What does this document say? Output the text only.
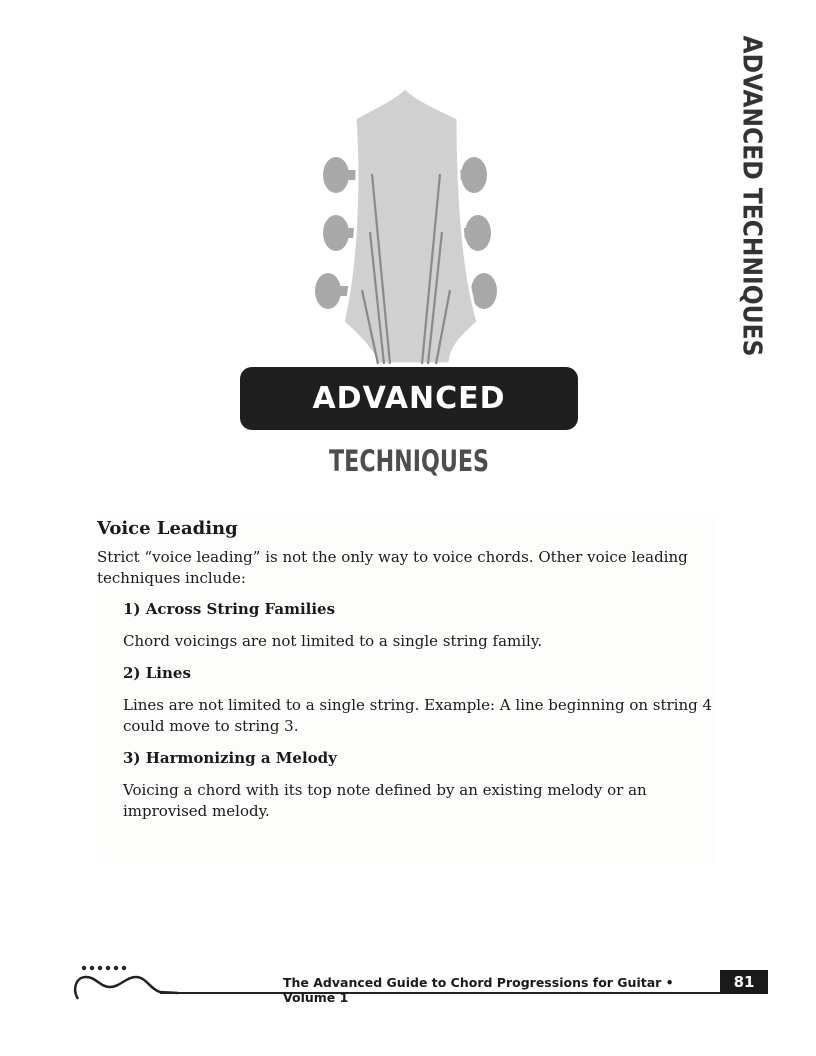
ADVANCED
TECHNIQUES
ADVANCED TECHNIQUES
Voice Leading

Strict “voice leading” is not the only way to voice chords. Other voice leading techniques include:

1) Across String Families

Chord voicings are not limited to a single string family.

2) Lines

Lines are not limited to a single string. Example: A line beginning on string 4 could move to string 3.

3) Harmonizing a Melody

Voicing a chord with its top note defined by an existing melody or an improvised melody.

The Advanced Guide to Chord Progressions for Guitar • Volume 1
81
